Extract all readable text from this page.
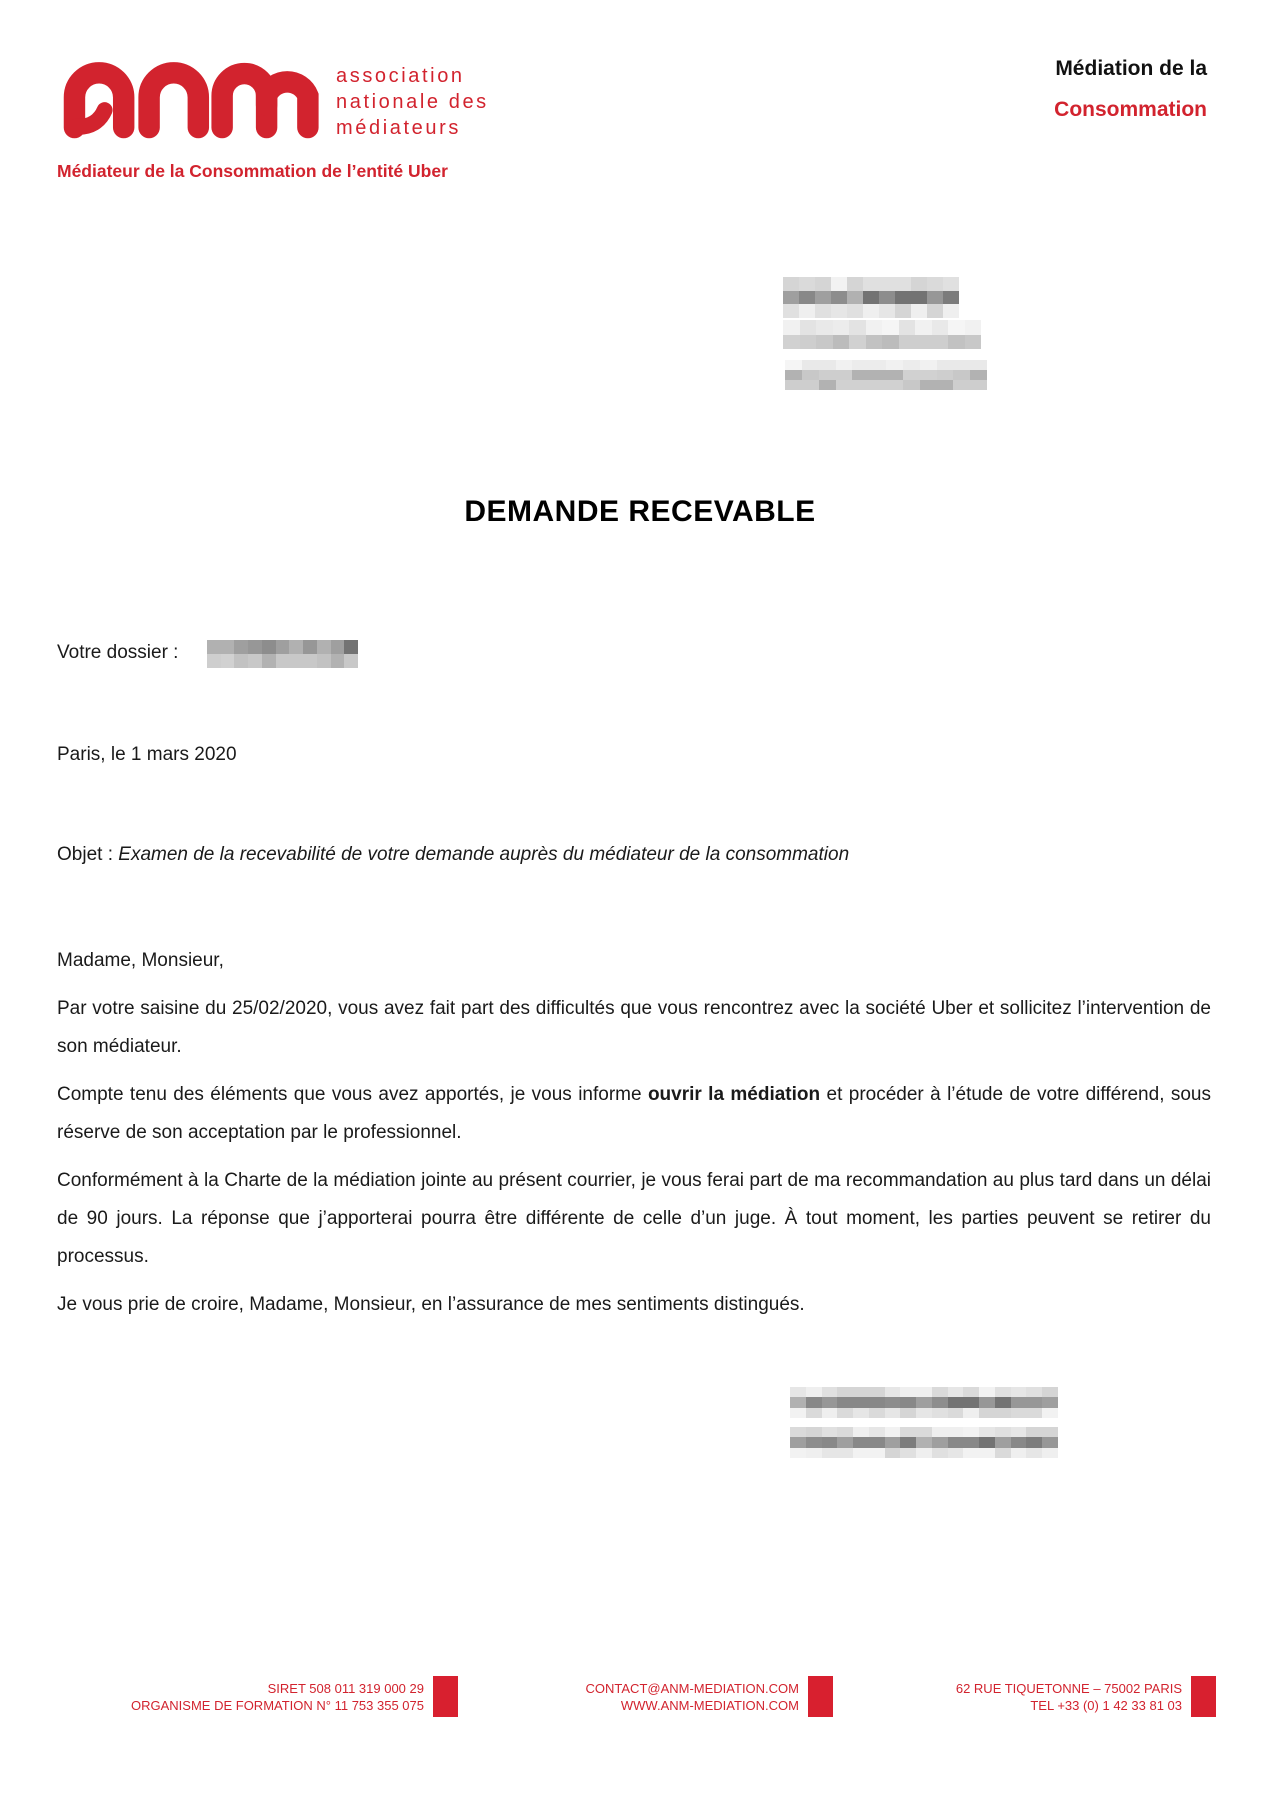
association
nationale des
médiateurs
Médiation de la
Consommation
Médiateur de la Consommation de l’entité Uber
DEMANDE RECEVABLE
Votre dossier :
Paris, le 1 mars 2020
Objet : Examen de la recevabilité de votre demande auprès du médiateur de la consommation

Madame, Monsieur,

Par votre saisine du 25/02/2020, vous avez fait part des difficultés que vous rencontrez avec la société Uber et sollicitez l’intervention de son médiateur.

Compte tenu des éléments que vous avez apportés, je vous informe ouvrir la médiation et procéder à l’étude de votre différend, sous réserve de son acceptation par le professionnel.

Conformément à la Charte de la médiation jointe au présent courrier, je vous ferai part de ma recommandation au plus tard dans un délai de 90 jours. La réponse que j’apporterai pourra être différente de celle d’un juge. À tout moment, les parties peuvent se retirer du processus.

Je vous prie de croire, Madame, Monsieur, en l’assurance de mes sentiments distingués.

SIRET 508 011 319 000 29
ORGANISME DE FORMATION N° 11 753 355 075
CONTACT@ANM-MEDIATION.COM
WWW.ANM-MEDIATION.COM
62 RUE TIQUETONNE – 75002 PARIS
TEL +33 (0) 1 42 33 81 03
